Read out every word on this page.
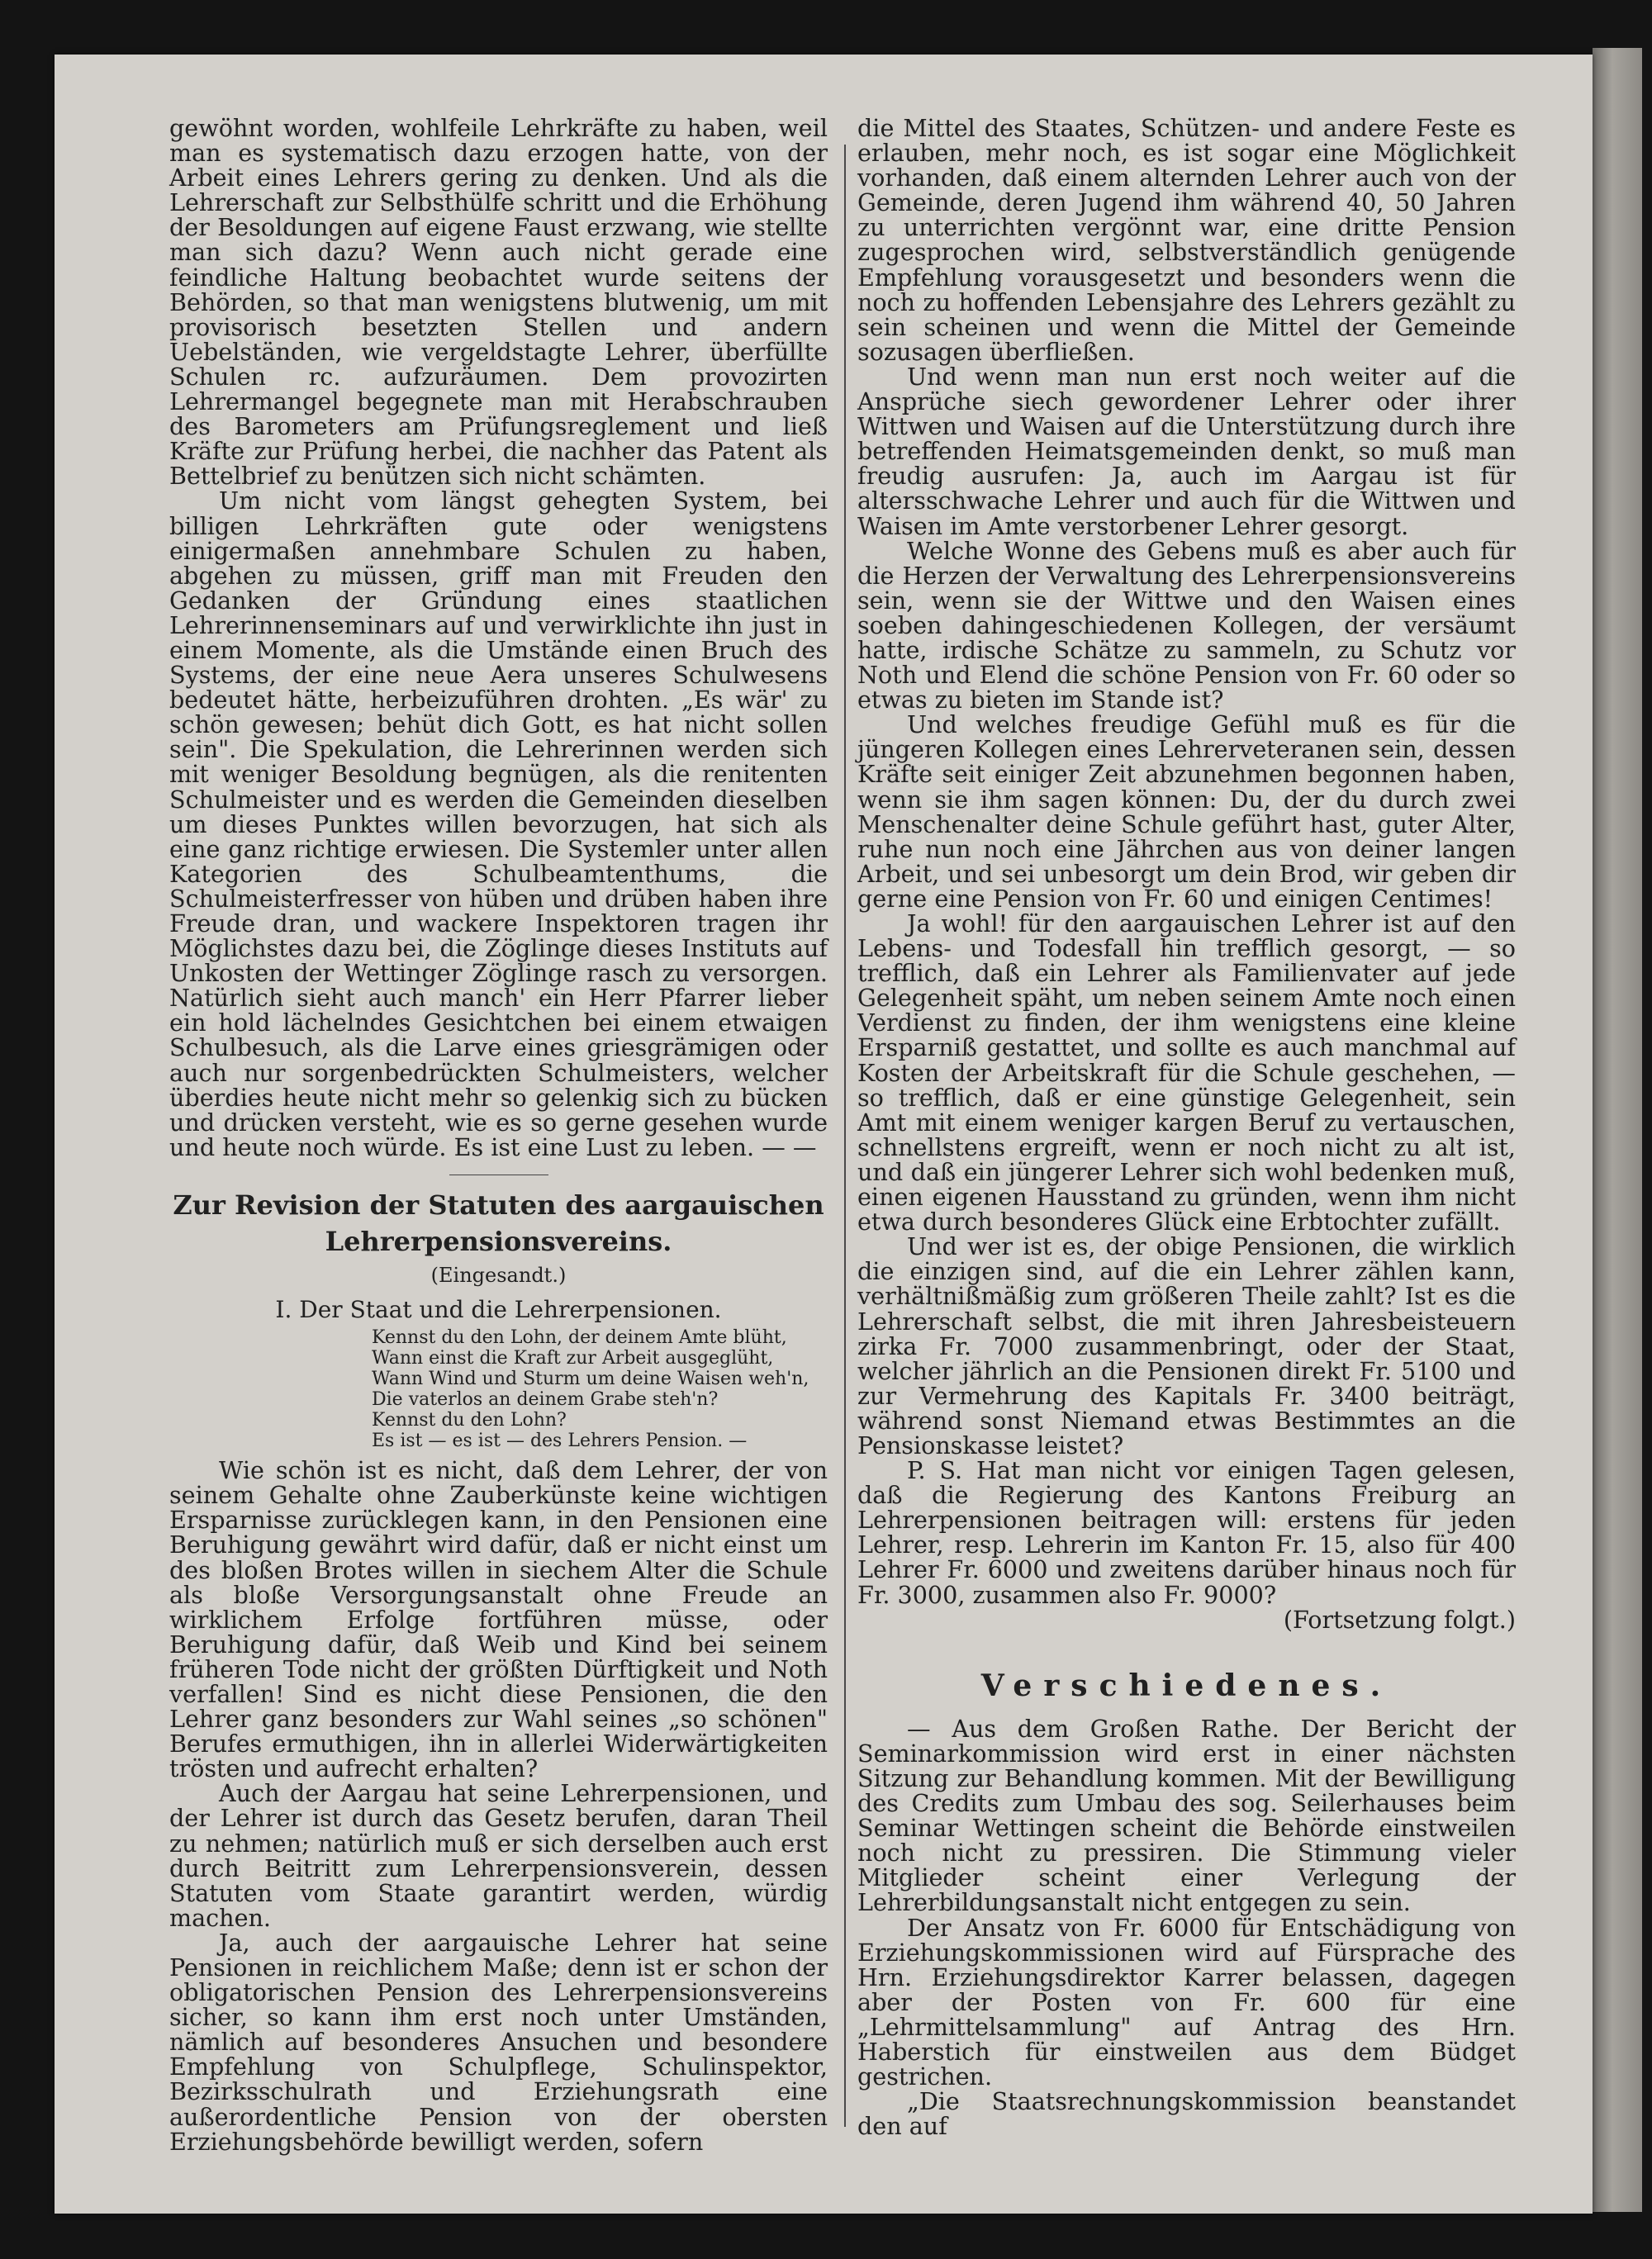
gewöhnt worden, wohlfeile Lehrkräfte zu haben, weil man es systematisch dazu erzogen hatte, von der Arbeit eines Lehrers gering zu denken. Und als die Lehrerschaft zur Selbsthülfe schritt und die Erhöhung der Besoldungen auf eigene Faust erzwang, wie stellte man sich dazu? Wenn auch nicht gerade eine feindliche Haltung beobachtet wurde seitens der Behörden, so that man wenigstens blutwenig, um mit provisorisch besetzten Stellen und andern Uebelständen, wie vergeldstagte Lehrer, überfüllte Schulen rc. aufzuräumen. Dem provozirten Lehrermangel begegnete man mit Herabschrauben des Barometers am Prüfungsreglement und ließ Kräfte zur Prüfung herbei, die nachher das Patent als Bettelbrief zu benützen sich nicht schämten.

Um nicht vom längst gehegten System, bei billigen Lehrkräften gute oder wenigstens einigermaßen annehmbare Schulen zu haben, abgehen zu müssen, griff man mit Freuden den Gedanken der Gründung eines staatlichen Lehrerinnenseminars auf und verwirklichte ihn just in einem Momente, als die Umstände einen Bruch des Systems, der eine neue Aera unseres Schulwesens bedeutet hätte, herbeizuführen drohten. „Es wär' zu schön gewesen; behüt dich Gott, es hat nicht sollen sein". Die Spekulation, die Lehrerinnen werden sich mit weniger Besoldung begnügen, als die renitenten Schulmeister und es werden die Gemeinden dieselben um dieses Punktes willen bevorzugen, hat sich als eine ganz richtige erwiesen. Die Systemler unter allen Kategorien des Schulbeamtenthums, die Schulmeisterfresser von hüben und drüben haben ihre Freude dran, und wackere Inspektoren tragen ihr Möglichstes dazu bei, die Zöglinge dieses Instituts auf Unkosten der Wettinger Zöglinge rasch zu versorgen. Natürlich sieht auch manch' ein Herr Pfarrer lieber ein hold lächelndes Gesichtchen bei einem etwaigen Schulbesuch, als die Larve eines griesgrämigen oder auch nur sorgenbedrückten Schulmeisters, welcher überdies heute nicht mehr so gelenkig sich zu bücken und drücken versteht, wie es so gerne gesehen wurde und heute noch würde. Es ist eine Lust zu leben. — —

Zur Revision der Statuten des aargauischen Lehrerpensionsvereins.
(Eingesandt.)
I. Der Staat und die Lehrerpensionen.
Kennst du den Lohn, der deinem Amte blüht,
Wann einst die Kraft zur Arbeit ausgeglüht,
Wann Wind und Sturm um deine Waisen weh'n,
Die vaterlos an deinem Grabe steh'n?
Kennst du den Lohn?
Es ist — es ist — des Lehrers Pension. —

Wie schön ist es nicht, daß dem Lehrer, der von seinem Gehalte ohne Zauberkünste keine wichtigen Ersparnisse zurücklegen kann, in den Pensionen eine Beruhigung gewährt wird dafür, daß er nicht einst um des bloßen Brotes willen in siechem Alter die Schule als bloße Versorgungsanstalt ohne Freude an wirklichem Erfolge fortführen müsse, oder Beruhigung dafür, daß Weib und Kind bei seinem früheren Tode nicht der größten Dürftigkeit und Noth verfallen! Sind es nicht diese Pensionen, die den Lehrer ganz besonders zur Wahl seines „so schönen" Berufes ermuthigen, ihn in allerlei Widerwärtigkeiten trösten und aufrecht erhalten?

Auch der Aargau hat seine Lehrerpensionen, und der Lehrer ist durch das Gesetz berufen, daran Theil zu nehmen; natürlich muß er sich derselben auch erst durch Beitritt zum Lehrerpensionsverein, dessen Statuten vom Staate garantirt werden, würdig machen.

Ja, auch der aargauische Lehrer hat seine Pensionen in reichlichem Maße; denn ist er schon der obligatorischen Pension des Lehrerpensionsvereins sicher, so kann ihm erst noch unter Umständen, nämlich auf besonderes Ansuchen und besondere Empfehlung von Schulpflege, Schulinspektor, Bezirksschulrath und Erziehungsrath eine außerordentliche Pension von der obersten Erziehungsbehörde bewilligt werden, sofern

die Mittel des Staates, Schützen- und andere Feste es erlauben, mehr noch, es ist sogar eine Möglichkeit vorhanden, daß einem alternden Lehrer auch von der Gemeinde, deren Jugend ihm während 40, 50 Jahren zu unterrichten vergönnt war, eine dritte Pension zugesprochen wird, selbstverständlich genügende Empfehlung vorausgesetzt und besonders wenn die noch zu hoffenden Lebensjahre des Lehrers gezählt zu sein scheinen und wenn die Mittel der Gemeinde sozusagen überfließen.

Und wenn man nun erst noch weiter auf die Ansprüche siech gewordener Lehrer oder ihrer Wittwen und Waisen auf die Unterstützung durch ihre betreffenden Heimatsgemeinden denkt, so muß man freudig ausrufen: Ja, auch im Aargau ist für altersschwache Lehrer und auch für die Wittwen und Waisen im Amte verstorbener Lehrer gesorgt.

Welche Wonne des Gebens muß es aber auch für die Herzen der Verwaltung des Lehrerpensionsvereins sein, wenn sie der Wittwe und den Waisen eines soeben dahingeschiedenen Kollegen, der versäumt hatte, irdische Schätze zu sammeln, zu Schutz vor Noth und Elend die schöne Pension von Fr. 60 oder so etwas zu bieten im Stande ist?

Und welches freudige Gefühl muß es für die jüngeren Kollegen eines Lehrerveteranen sein, dessen Kräfte seit einiger Zeit abzunehmen begonnen haben, wenn sie ihm sagen können: Du, der du durch zwei Menschenalter deine Schule geführt hast, guter Alter, ruhe nun noch eine Jährchen aus von deiner langen Arbeit, und sei unbesorgt um dein Brod, wir geben dir gerne eine Pension von Fr. 60 und einigen Centimes!

Ja wohl! für den aargauischen Lehrer ist auf den Lebens- und Todesfall hin trefflich gesorgt, — so trefflich, daß ein Lehrer als Familienvater auf jede Gelegenheit späht, um neben seinem Amte noch einen Verdienst zu finden, der ihm wenigstens eine kleine Ersparniß gestattet, und sollte es auch manchmal auf Kosten der Arbeitskraft für die Schule geschehen, — so trefflich, daß er eine günstige Gelegenheit, sein Amt mit einem weniger kargen Beruf zu vertauschen, schnellstens ergreift, wenn er noch nicht zu alt ist, und daß ein jüngerer Lehrer sich wohl bedenken muß, einen eigenen Hausstand zu gründen, wenn ihm nicht etwa durch besonderes Glück eine Erbtochter zufällt.

Und wer ist es, der obige Pensionen, die wirklich die einzigen sind, auf die ein Lehrer zählen kann, verhältnißmäßig zum größeren Theile zahlt? Ist es die Lehrerschaft selbst, die mit ihren Jahresbeisteuern zirka Fr. 7000 zusammenbringt, oder der Staat, welcher jährlich an die Pensionen direkt Fr. 5100 und zur Vermehrung des Kapitals Fr. 3400 beiträgt, während sonst Niemand etwas Bestimmtes an die Pensionskasse leistet?

P. S. Hat man nicht vor einigen Tagen gelesen, daß die Regierung des Kantons Freiburg an Lehrerpensionen beitragen will: erstens für jeden Lehrer, resp. Lehrerin im Kanton Fr. 15, also für 400 Lehrer Fr. 6000 und zweitens darüber hinaus noch für Fr. 3000, zusammen also Fr. 9000?

(Fortsetzung folgt.)
Verschiedenes.

— Aus dem Großen Rathe. Der Bericht der Seminarkommission wird erst in einer nächsten Sitzung zur Behandlung kommen. Mit der Bewilligung des Credits zum Umbau des sog. Seilerhauses beim Seminar Wettingen scheint die Behörde einstweilen noch nicht zu pressiren. Die Stimmung vieler Mitglieder scheint einer Verlegung der Lehrerbildungsanstalt nicht entgegen zu sein.

Der Ansatz von Fr. 6000 für Entschädigung von Erziehungskommissionen wird auf Fürsprache des Hrn. Erziehungsdirektor Karrer belassen, dagegen aber der Posten von Fr. 600 für eine „Lehrmittelsammlung" auf Antrag des Hrn. Haberstich für einstweilen aus dem Büdget gestrichen.

„Die Staatsrechnungskommission beanstandet den auf
